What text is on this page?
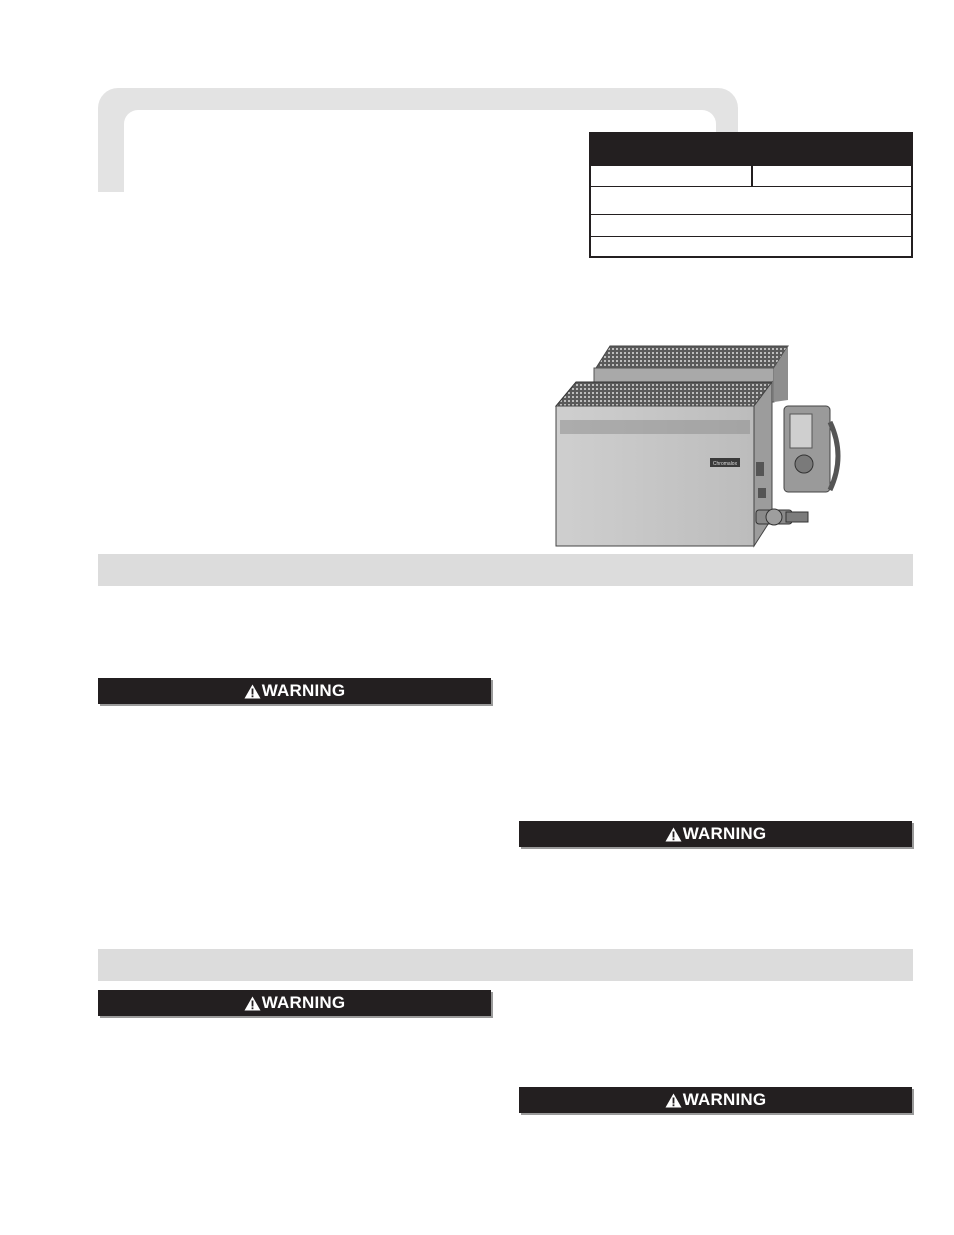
Chromalox
WARNING
WARNING
WARNING
WARNING
